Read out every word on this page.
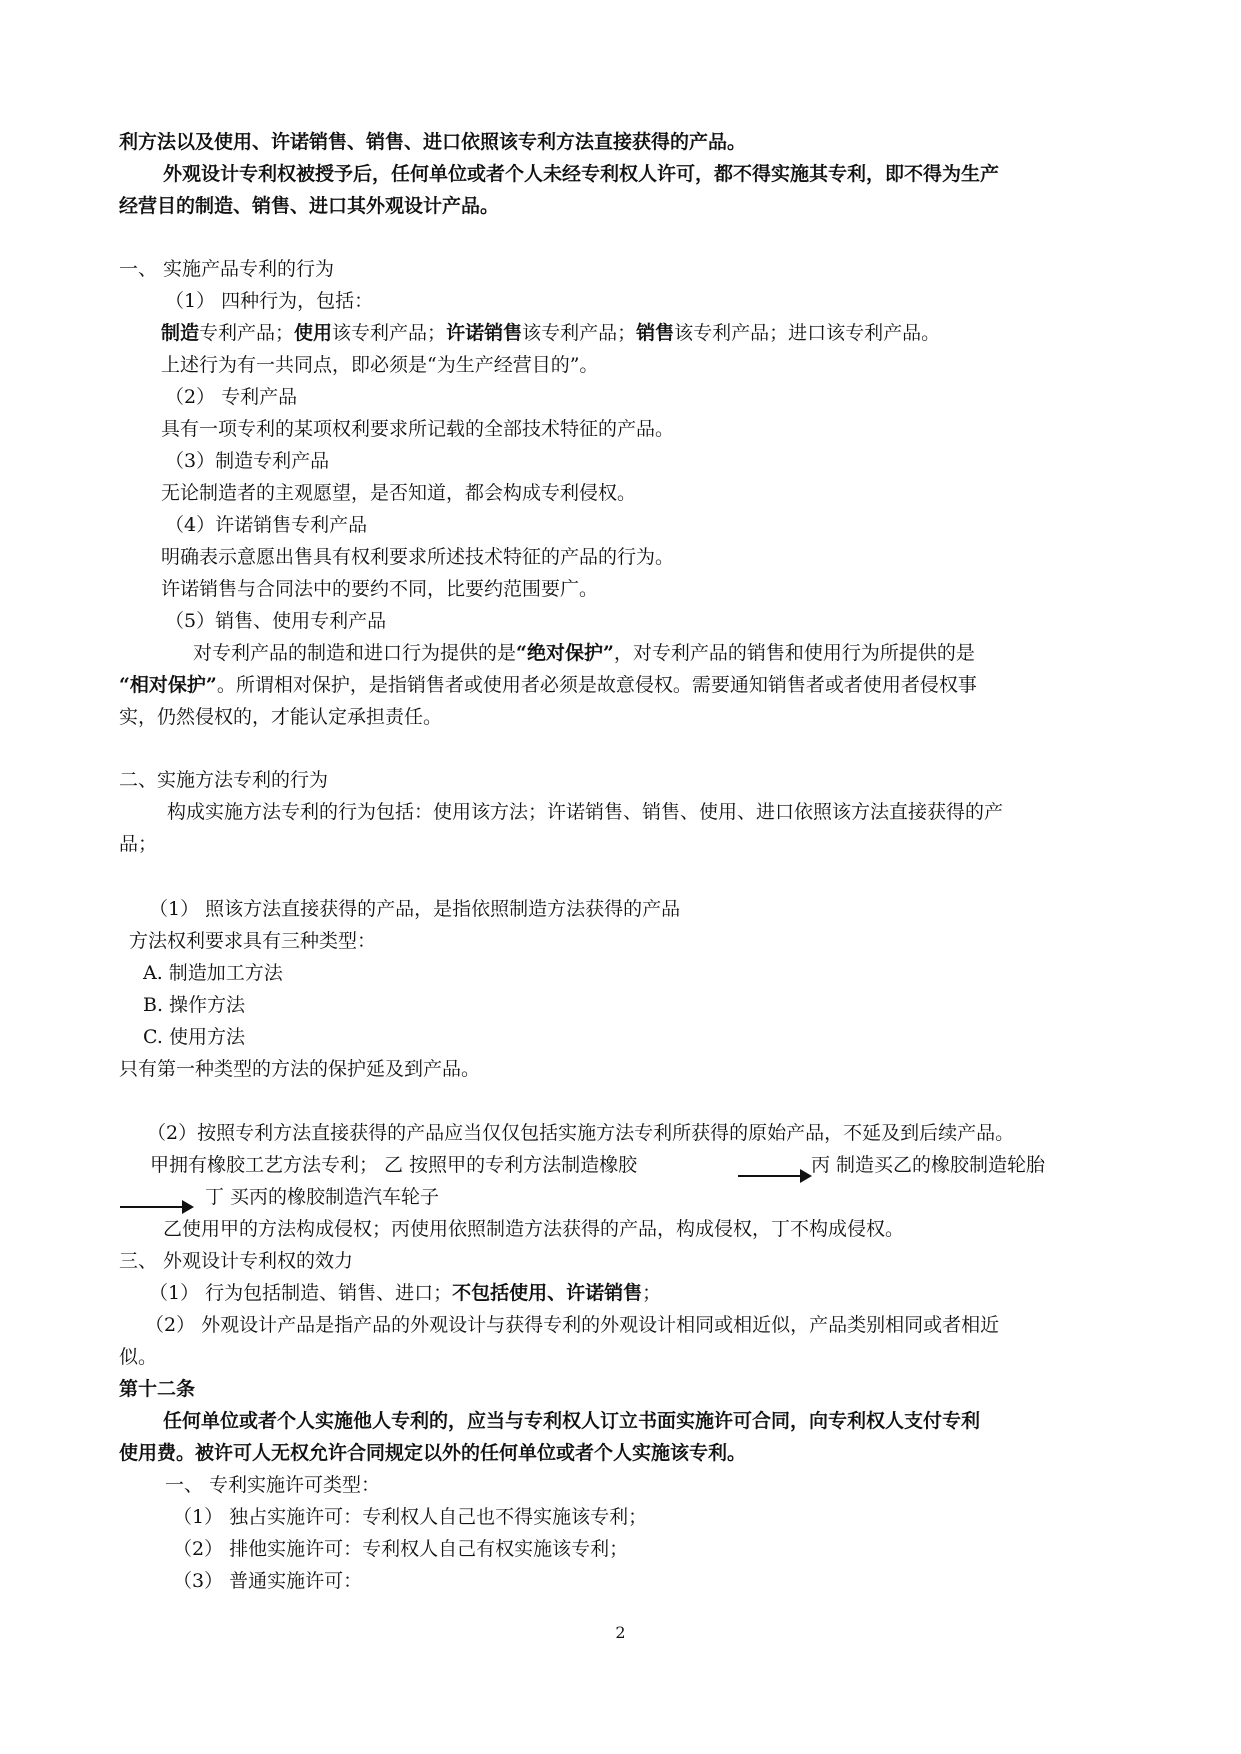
利方法以及使用、许诺销售、销售、进口依照该专利方法直接获得的产品。
外观设计专利权被授予后，任何单位或者个人未经专利权人许可，都不得实施其专利，即不得为生产
经营目的制造、销售、进口其外观设计产品。
一、 实施产品专利的行为
（1） 四种行为，包括：
制造专利产品；使用该专利产品；许诺销售该专利产品；销售该专利产品；进口该专利产品。
上述行为有一共同点，即必须是“为生产经营目的”。
（2） 专利产品
具有一项专利的某项权利要求所记载的全部技术特征的产品。
（3）制造专利产品
无论制造者的主观愿望，是否知道，都会构成专利侵权。
（4）许诺销售专利产品
明确表示意愿出售具有权利要求所述技术特征的产品的行为。
许诺销售与合同法中的要约不同，比要约范围要广。
（5）销售、使用专利产品
对专利产品的制造和进口行为提供的是“绝对保护”，对专利产品的销售和使用行为所提供的是
“相对保护”。所谓相对保护，是指销售者或使用者必须是故意侵权。需要通知销售者或者使用者侵权事
实，仍然侵权的，才能认定承担责任。
二、实施方法专利的行为
构成实施方法专利的行为包括：使用该方法；许诺销售、销售、使用、进口依照该方法直接获得的产
品；
（1） 照该方法直接获得的产品，是指依照制造方法获得的产品
方法权利要求具有三种类型：
A. 制造加工方法
B. 操作方法
C. 使用方法
只有第一种类型的方法的保护延及到产品。
（2）按照专利方法直接获得的产品应当仅仅包括实施方法专利所获得的原始产品，不延及到后续产品。
甲拥有橡胶工艺方法专利； 乙 按照甲的专利方法制造橡胶	丙 制造买乙的橡胶制造轮胎
丁 买丙的橡胶制造汽车轮子
乙使用甲的方法构成侵权；丙使用依照制造方法获得的产品，构成侵权，丁不构成侵权。
三、 外观设计专利权的效力
（1） 行为包括制造、销售、进口；不包括使用、许诺销售；
（2） 外观设计产品是指产品的外观设计与获得专利的外观设计相同或相近似，产品类别相同或者相近
似。
第十二条
任何单位或者个人实施他人专利的，应当与专利权人订立书面实施许可合同，向专利权人支付专利
使用费。被许可人无权允许合同规定以外的任何单位或者个人实施该专利。
一、 专利实施许可类型：
（1） 独占实施许可：专利权人自己也不得实施该专利；
（2） 排他实施许可：专利权人自己有权实施该专利；
（3） 普通实施许可：
2
